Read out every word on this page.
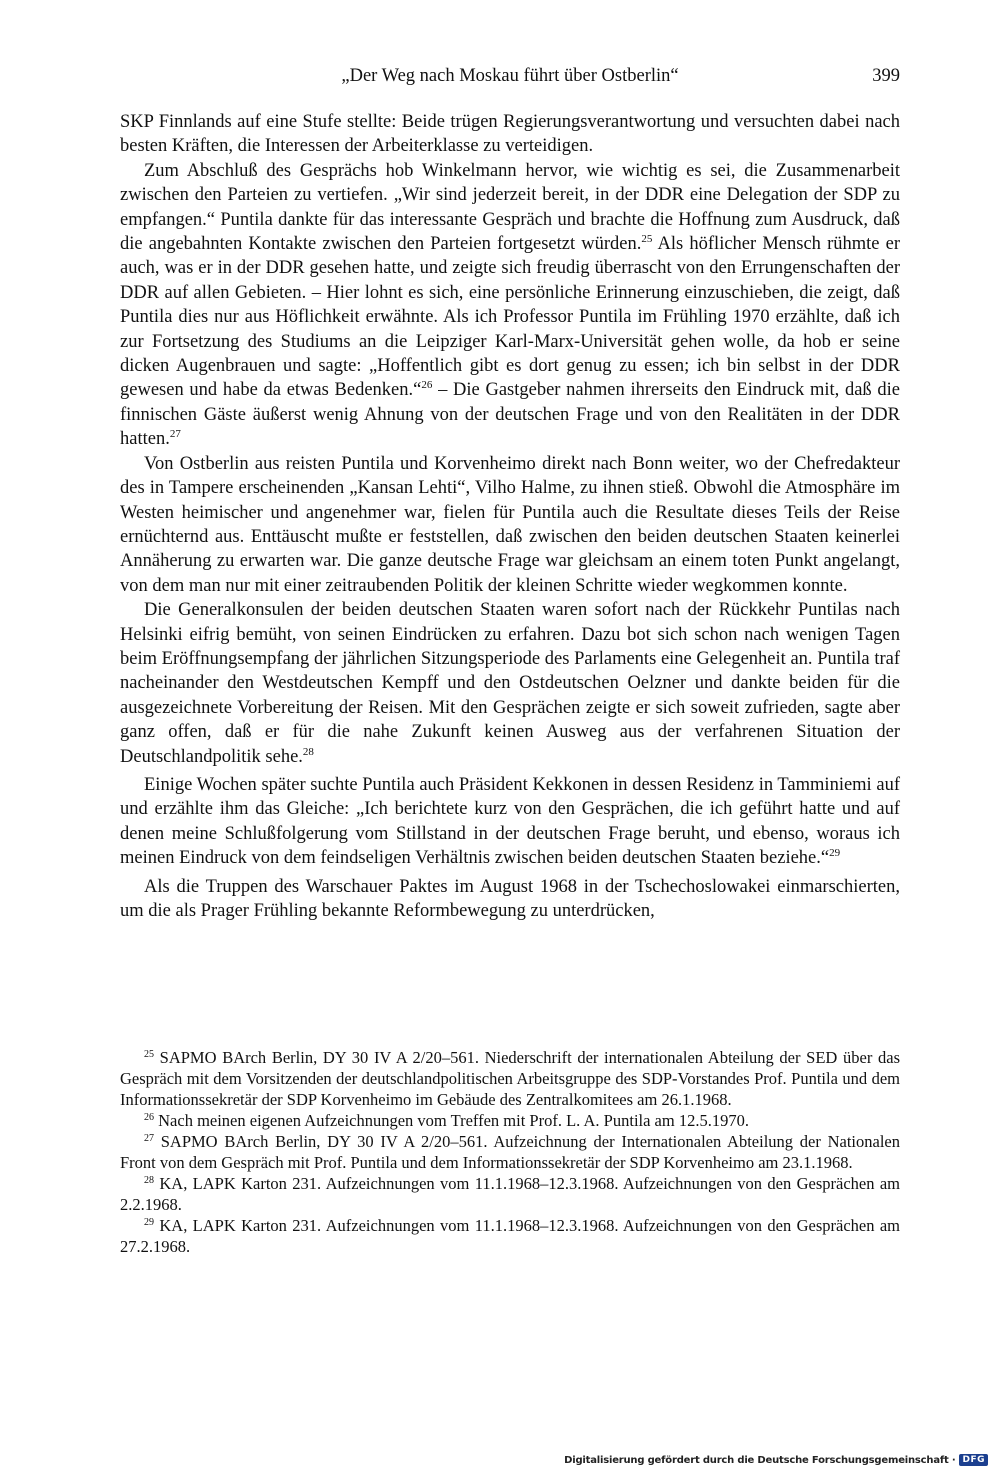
„Der Weg nach Moskau führt über Ostberlin“	399

SKP Finnlands auf eine Stufe stellte: Beide trügen Regierungsverantwortung und versuchten dabei nach besten Kräften, die Interessen der Arbeiterklasse zu verteidigen.

Zum Abschluß des Gesprächs hob Winkelmann hervor, wie wichtig es sei, die Zusammenarbeit zwischen den Parteien zu vertiefen. „Wir sind jederzeit bereit, in der DDR eine Delegation der SDP zu empfangen.“ Puntila dankte für das interessante Gespräch und brachte die Hoffnung zum Ausdruck, daß die angebahnten Kontakte zwischen den Parteien fortgesetzt würden.$^{25}$ Als höflicher Mensch rühmte er auch, was er in der DDR gesehen hatte, und zeigte sich freudig überrascht von den Errungenschaften der DDR auf allen Gebieten. – Hier lohnt es sich, eine persönliche Erinnerung einzuschieben, die zeigt, daß Puntila dies nur aus Höflichkeit erwähnte. Als ich Professor Puntila im Frühling 1970 erzählte, daß ich zur Fortsetzung des Studiums an die Leipziger Karl-Marx-Universität gehen wolle, da hob er seine dicken Augenbrauen und sagte: „Hoffentlich gibt es dort genug zu essen; ich bin selbst in der DDR gewesen und habe da etwas Bedenken.“$^{26}$ – Die Gastgeber nahmen ihrerseits den Eindruck mit, daß die finnischen Gäste äußerst wenig Ahnung von der deutschen Frage und von den Realitäten in der DDR hatten.$^{27}$

Von Ostberlin aus reisten Puntila und Korvenheimo direkt nach Bonn weiter, wo der Chefredakteur des in Tampere erscheinenden „Kansan Lehti“, Vilho Halme, zu ihnen stieß. Obwohl die Atmosphäre im Westen heimischer und angenehmer war, fielen für Puntila auch die Resultate dieses Teils der Reise ernüchternd aus. Enttäuscht mußte er feststellen, daß zwischen den beiden deutschen Staaten keinerlei Annäherung zu erwarten war. Die ganze deutsche Frage war gleichsam an einem toten Punkt angelangt, von dem man nur mit einer zeitraubenden Politik der kleinen Schritte wieder wegkommen konnte.

Die Generalkonsulen der beiden deutschen Staaten waren sofort nach der Rückkehr Puntilas nach Helsinki eifrig bemüht, von seinen Eindrücken zu erfahren. Dazu bot sich schon nach wenigen Tagen beim Eröffnungsempfang der jährlichen Sitzungsperiode des Parlaments eine Gelegenheit an. Puntila traf nacheinander den Westdeutschen Kempff und den Ostdeutschen Oelzner und dankte beiden für die ausgezeichnete Vorbereitung der Reisen. Mit den Gesprächen zeigte er sich soweit zufrieden, sagte aber ganz offen, daß er für die nahe Zukunft keinen Ausweg aus der verfahrenen Situation der Deutschlandpolitik sehe.$^{28}$

Einige Wochen später suchte Puntila auch Präsident Kekkonen in dessen Residenz in Tamminiemi auf und erzählte ihm das Gleiche: „Ich berichtete kurz von den Gesprächen, die ich geführt hatte und auf denen meine Schlußfolgerung vom Stillstand in der deutschen Frage beruht, und ebenso, woraus ich meinen Eindruck von dem feindseligen Verhältnis zwischen beiden deutschen Staaten beziehe.“$^{29}$

Als die Truppen des Warschauer Paktes im August 1968 in der Tschechoslowakei einmarschierten, um die als Prager Frühling bekannte Reformbewegung zu unterdrücken,

$^{25}$ SAPMO BArch Berlin, DY 30 IV A 2/20–561. Niederschrift der internationalen Abteilung der SED über das Gespräch mit dem Vorsitzenden der deutschlandpolitischen Arbeitsgruppe des SDP-Vorstandes Prof. Puntila und dem Informationssekretär der SDP Korvenheimo im Gebäude des Zentralkomitees am 26.1.1968.

$^{26}$ Nach meinen eigenen Aufzeichnungen vom Treffen mit Prof. L. A. Puntila am 12.5.1970.

$^{27}$ SAPMO BArch Berlin, DY 30 IV A 2/20–561. Aufzeichnung der Internationalen Abteilung der Nationalen Front von dem Gespräch mit Prof. Puntila und dem Informationssekretär der SDP Korvenheimo am 23.1.1968.

$^{28}$ KA, LAPK Karton 231. Aufzeichnungen vom 11.1.1968–12.3.1968. Aufzeichnungen von den Gesprächen am 2.2.1968.

$^{29}$ KA, LAPK Karton 231. Aufzeichnungen vom 11.1.1968–12.3.1968. Aufzeichnungen von den Gesprächen am 27.2.1968.

Digitalisierung gefördert durch die Deutsche Forschungsgemeinschaft · DFG
